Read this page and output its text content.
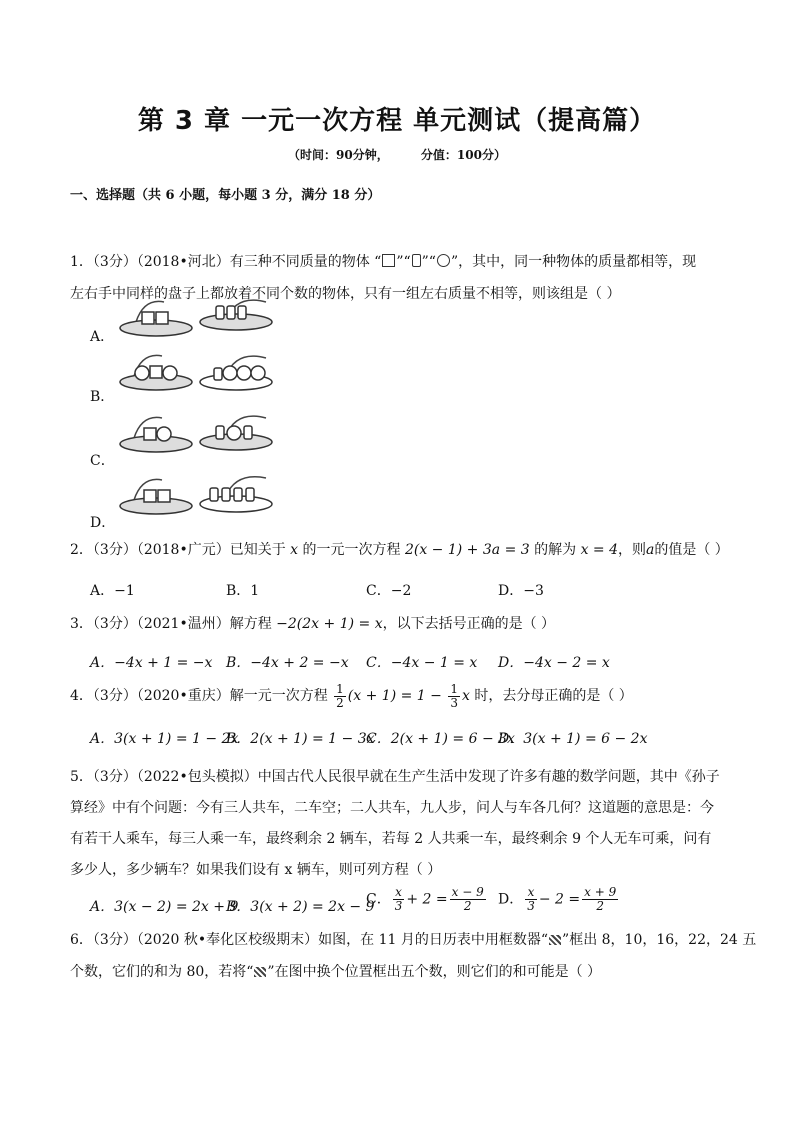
第 3 章 一元一次方程 单元测试（提高篇）
（时间：90分钟，	分值：100分）
一、选择题（共 6 小题，每小题 3 分，满分 18 分）
1．（3分）（2018•河北）有三种不同质量的物体 “ ”“ ”“ ”，其中，同一种物体的质量都相等，现
左右手中同样的盘子上都放着不同个数的物体，只有一组左右质量不相等，则该组是（ ）
A．
B．
C．
D．
2．（3分）（2018•广元）已知关于 x 的一元一次方程 2(x − 1) + 3a = 3 的解为 x = 4，则a的值是（ ）
A．−1	B．1	C．−2	D．−3
3．（3分）（2021•温州）解方程 −2(2x + 1) = x，以下去括号正确的是（ ）
A．−4x + 1 = −x B．−4x + 2 = −x C．−4x − 1 = x D．−4x − 2 = x
4．（3分）（2020•重庆）解一元一次方程 $\frac{1}{2} (x + 1) = 1 - \frac{1}{3}$ x 时，去分母正确的是（ ）
A．3(x + 1) = 1 − 2x
B．2(x + 1) = 1 − 3x
C．2(x + 1) = 6 − 3x
D．3(x + 1) = 6 − 2x
5．（3分）（2022•包头模拟）中国古代人民很早就在生产生活中发现了许多有趣的数学问题，其中《孙子算经》中有个问题：今有三人共车，二车空；二人共车，九人步，问人与车各几何？这道题的意思是：今有若干人乘车，每三人乘一车，最终剩余 2 辆车，若每 2 人共乘一车，最终剩余 9 个人无车可乘，问有多少人，多少辆车？如果我们设有 x 辆车，则可列方程（ ）
A．3(x − 2) = 2x + 9
B．3(x + 2) = 2x − 9
C． $\frac{x}{3} + 2 = \frac{x - 9}{2}$ D． $\frac{x}{3} - 2 = \frac{x + 9}{2}$
6．（3分）（2020 秋•奉化区校级期末）如图，在 11 月的日历表中用框数器“ ”框出 8，10，16，22，24 五
个数，它们的和为 80，若将“ ”在图中换个位置框出五个数，则它们的和可能是（ ）
